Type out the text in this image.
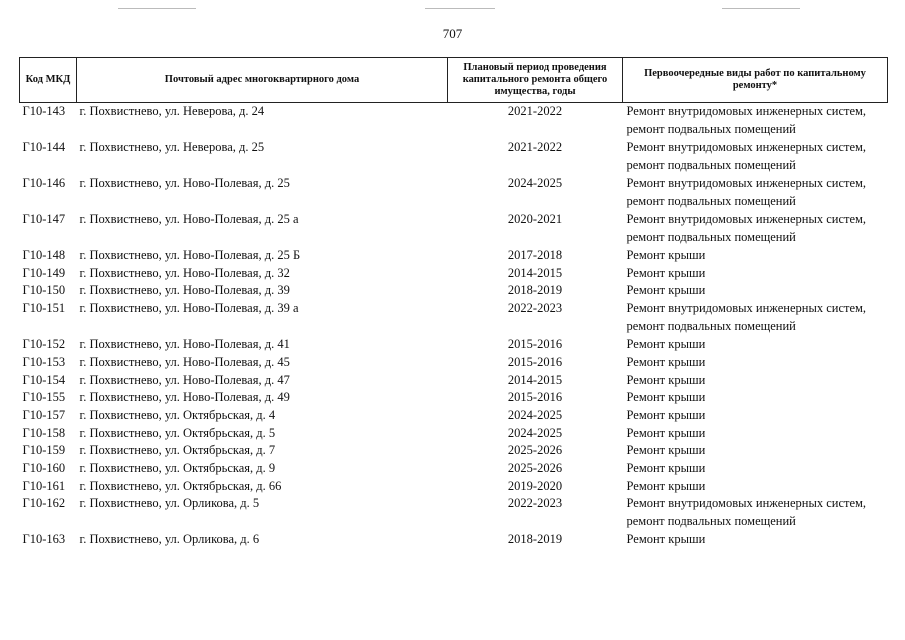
707
Код МКД	Почтовый адрес многоквартирного дома	Плановый период проведения капитального ремонта общего имущества, годы	Первоочередные виды работ по капитальному ремонту*
Г10-143	г. Похвистнево, ул. Неверова, д. 24	2021-2022	Ремонт внутридомовых инженерных систем,
ремонт подвальных помещений

Г10-144	г. Похвистнево, ул. Неверова, д. 25	2021-2022	Ремонт внутридомовых инженерных систем,
ремонт подвальных помещений

Г10-146	г. Похвистнево, ул. Ново-Полевая, д. 25	2024-2025	Ремонт внутридомовых инженерных систем,
ремонт подвальных помещений

Г10-147	г. Похвистнево, ул. Ново-Полевая, д. 25 а	2020-2021	Ремонт внутридомовых инженерных систем,
ремонт подвальных помещений

Г10-148	г. Похвистнево, ул. Ново-Полевая, д. 25 Б	2017-2018	Ремонт крыши

Г10-149	г. Похвистнево, ул. Ново-Полевая, д. 32	2014-2015	Ремонт крыши

Г10-150	г. Похвистнево, ул. Ново-Полевая, д. 39	2018-2019	Ремонт крыши

Г10-151	г. Похвистнево, ул. Ново-Полевая, д. 39 а	2022-2023	Ремонт внутридомовых инженерных систем,
ремонт подвальных помещений

Г10-152	г. Похвистнево, ул. Ново-Полевая, д. 41	2015-2016	Ремонт крыши

Г10-153	г. Похвистнево, ул. Ново-Полевая, д. 45	2015-2016	Ремонт крыши

Г10-154	г. Похвистнево, ул. Ново-Полевая, д. 47	2014-2015	Ремонт крыши

Г10-155	г. Похвистнево, ул. Ново-Полевая, д. 49	2015-2016	Ремонт крыши

Г10-157	г. Похвистнево, ул. Октябрьская, д. 4	2024-2025	Ремонт крыши

Г10-158	г. Похвистнево, ул. Октябрьская, д. 5	2024-2025	Ремонт крыши

Г10-159	г. Похвистнево, ул. Октябрьская, д. 7	2025-2026	Ремонт крыши

Г10-160	г. Похвистнево, ул. Октябрьская, д. 9	2025-2026	Ремонт крыши

Г10-161	г. Похвистнево, ул. Октябрьская, д. 66	2019-2020	Ремонт крыши

Г10-162	г. Похвистнево, ул. Орликова, д. 5	2022-2023	Ремонт внутридомовых инженерных систем,
ремонт подвальных помещений

Г10-163	г. Похвистнево, ул. Орликова, д. 6	2018-2019	Ремонт крыши
